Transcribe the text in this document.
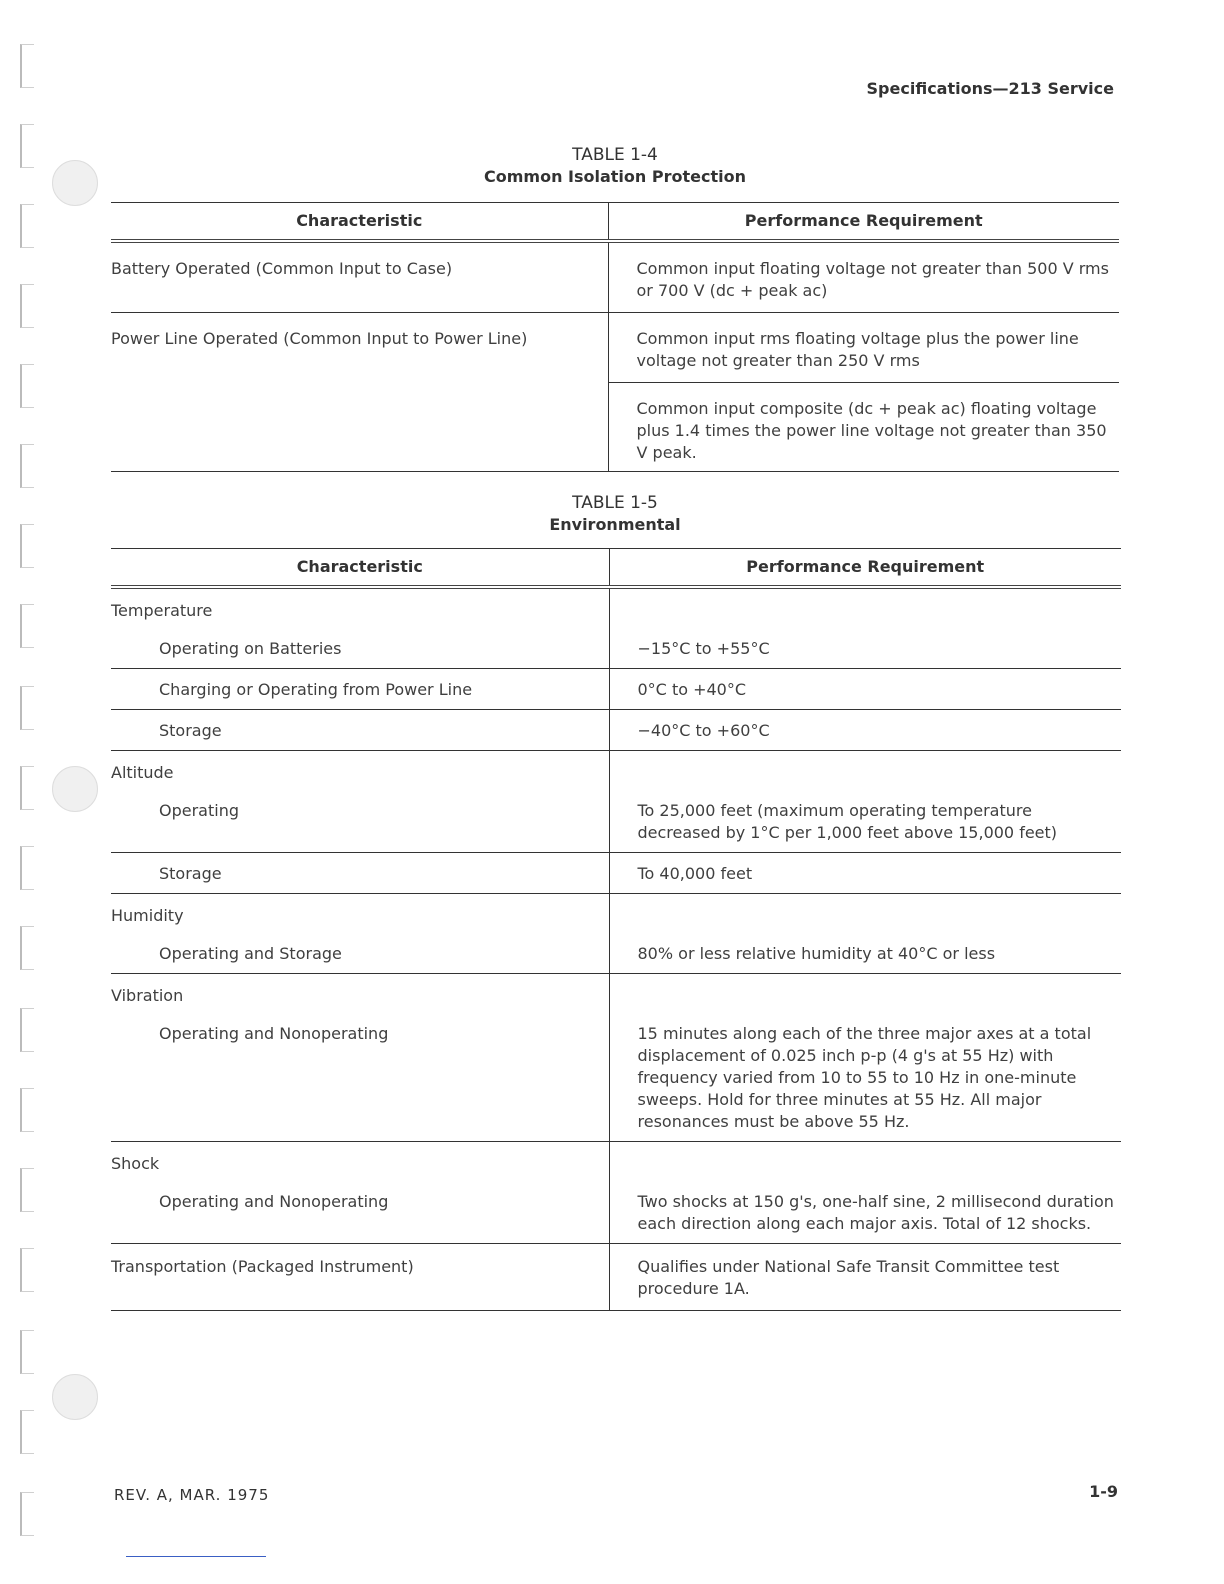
Specifications—213 Service
TABLE 1-4
Common Isolation Protection
Characteristic	Performance Requirement

Battery Operated (Common Input to Case)	Common input floating voltage not greater than 500 V rms or 700 V (dc + peak ac)

Power Line Operated (Common Input to Power Line)	Common input rms floating voltage plus the power line voltage not greater than 250 V rms

	Common input composite (dc + peak ac) floating voltage plus 1.4 times the power line voltage not greater than 350 V peak.
TABLE 1-5
Environmental
Characteristic	Performance Requirement

Temperature	

Operating on Batteries	−15°C to +55°C

Charging or Operating from Power Line	0°C to +40°C

Storage	−40°C to +60°C

Altitude	

Operating	To 25,000 feet (maximum operating temperature decreased by 1°C per 1,000 feet above 15,000 feet)

Storage	To 40,000 feet

Humidity	

Operating and Storage	80% or less relative humidity at 40°C or less

Vibration	

Operating and Nonoperating	15 minutes along each of the three major axes at a total displacement of 0.025 inch p-p (4 g's at 55 Hz) with frequency varied from 10 to 55 to 10 Hz in one-minute sweeps. Hold for three minutes at 55 Hz. All major resonances must be above 55 Hz.

Shock	

Operating and Nonoperating	Two shocks at 150 g's, one-half sine, 2 millisecond duration each direction along each major axis. Total of 12 shocks.

Transportation (Packaged Instrument)	Qualifies under National Safe Transit Committee test procedure 1A.
REV. A, MAR. 1975	1-9
